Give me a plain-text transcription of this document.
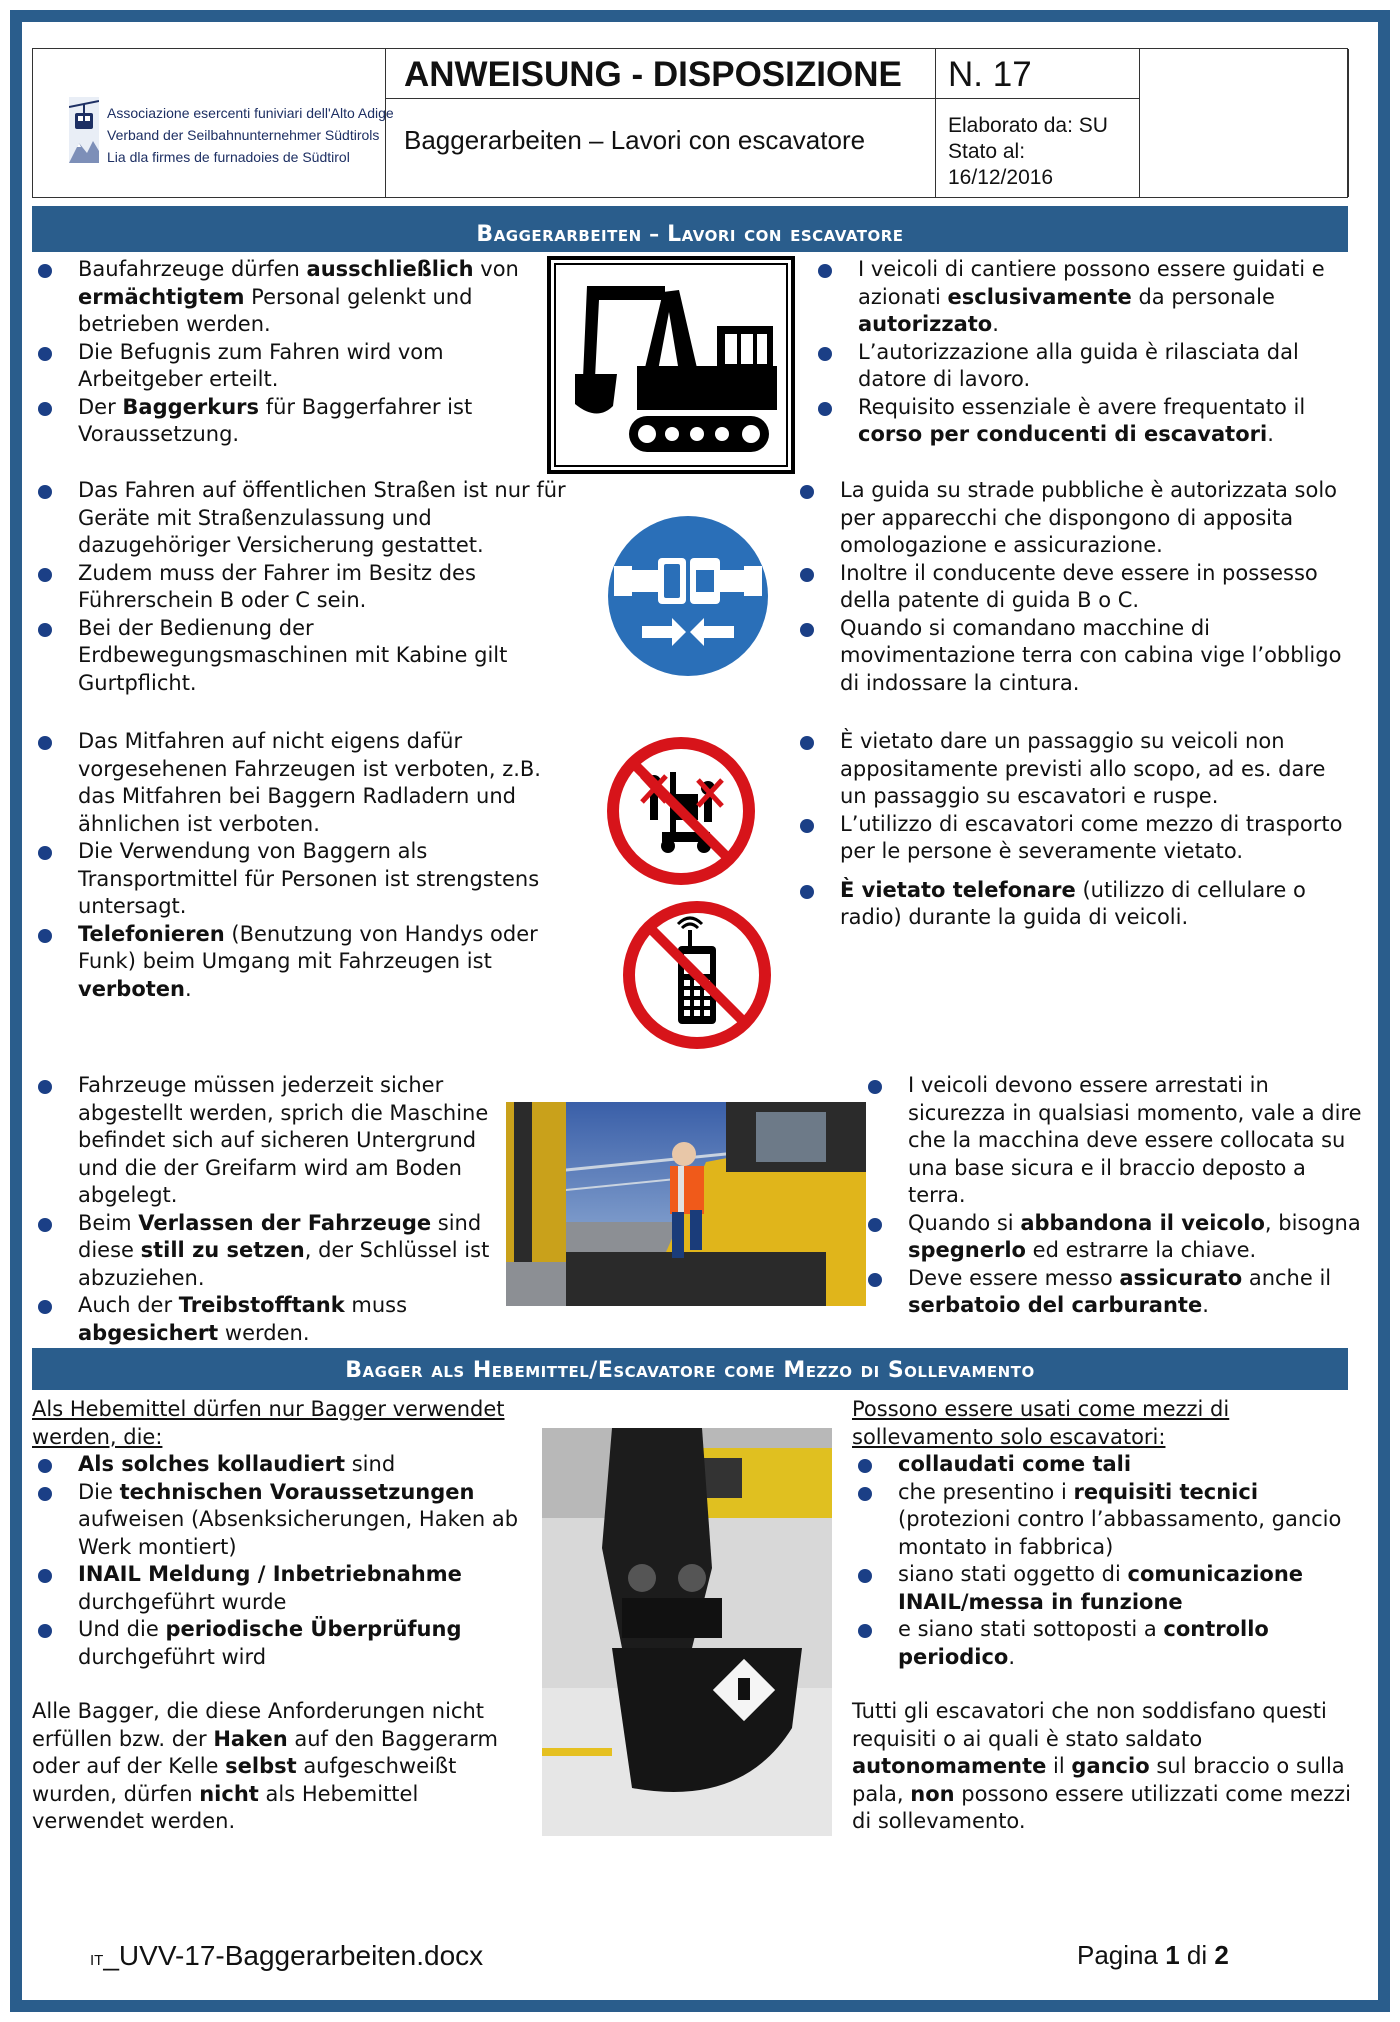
Associazione esercenti funiviari dell'Alto Adige
Verband der Seilbahnunternehmer Südtirols
Lia dla firmes de furnadoies de Südtirol
ANWEISUNG - DISPOSIZIONE
Baggerarbeiten – Lavori con escavatore
N. 17
Elaborato da: SU
Stato al:
16/12/2016
Baggerarbeiten – Lavori con escavatore
Baufahrzeuge dürfen ausschließlich von ermächtigtem Personal gelenkt und betrieben werden.
Die Befugnis zum Fahren wird vom Arbeitgeber erteilt.
Der Baggerkurs für Baggerfahrer ist Voraussetzung.
I veicoli di cantiere possono essere guidati e azionati esclusivamente da personale autorizzato.
L’autorizzazione alla guida è rilasciata dal datore di lavoro.
Requisito essenziale è avere frequentato il corso per conducenti di escavatori.
Das Fahren auf öffentlichen Straßen ist nur für Geräte mit Straßenzulassung und dazugehöriger Versicherung gestattet.
Zudem muss der Fahrer im Besitz des Führerschein B oder C sein.
Bei der Bedienung der Erdbewegungsmaschinen mit Kabine gilt Gurtpflicht.
La guida su strade pubbliche è autorizzata solo per apparecchi che dispongono di apposita omologazione e assicurazione.
Inoltre il conducente deve essere in possesso della patente di guida B o C.
Quando si comandano macchine di movimentazione terra con cabina vige l’obbligo di indossare la cintura.
Das Mitfahren auf nicht eigens dafür vorgesehenen Fahrzeugen ist verboten, z.B. das Mitfahren bei Baggern Radladern und ähnlichen ist verboten.
Die Verwendung von Baggern als Transportmittel für Personen ist strengstens untersagt.
Telefonieren (Benutzung von Handys oder Funk) beim Umgang mit Fahrzeugen ist verboten.
È vietato dare un passaggio su veicoli non appositamente previsti allo scopo, ad es. dare un passaggio su escavatori e ruspe.
L’utilizzo di escavatori come mezzo di trasporto per le persone è severamente vietato.
È vietato telefonare (utilizzo di cellulare o radio) durante la guida di veicoli.
Fahrzeuge müssen jederzeit sicher abgestellt werden, sprich die Maschine befindet sich auf sicheren Untergrund und die der Greifarm wird am Boden abgelegt.
Beim Verlassen der Fahrzeuge sind diese still zu setzen, der Schlüssel ist abzuziehen.
Auch der Treibstofftank muss abgesichert werden.
I veicoli devono essere arrestati in sicurezza in qualsiasi momento, vale a dire che la macchina deve essere collocata su una base sicura e il braccio deposto a terra.
Quando si abbandona il veicolo, bisogna spegnerlo ed estrarre la chiave.
Deve essere messo assicurato anche il serbatoio del carburante.
Bagger als Hebemittel/Escavatore come Mezzo di Sollevamento
Als Hebemittel dürfen nur Bagger verwendet werden, die:
Als solches kollaudiert sind
Die technischen Voraussetzungen aufweisen (Absenksicherungen, Haken ab Werk montiert)
INAIL Meldung / Inbetriebnahme durchgeführt wurde
Und die periodische Überprüfung durchgeführt wird
Alle Bagger, die diese Anforderungen nicht erfüllen bzw. der Haken auf den Baggerarm oder auf der Kelle selbst aufgeschweißt wurden, dürfen nicht als Hebemittel verwendet werden.
Possono essere usati come mezzi di sollevamento solo escavatori:
collaudati come tali
che presentino i requisiti tecnici (protezioni contro l’abbassamento, gancio montato in fabbrica)
siano stati oggetto di comunicazione INAIL/messa in funzione
e siano stati sottoposti a controllo periodico.
Tutti gli escavatori che non soddisfano questi requisiti o ai quali è stato saldato autonomamente il gancio sul braccio o sulla pala, non possono essere utilizzati come mezzi di sollevamento.
IT_UVV-17-Baggerarbeiten.docx	Pagina 1 di 2
